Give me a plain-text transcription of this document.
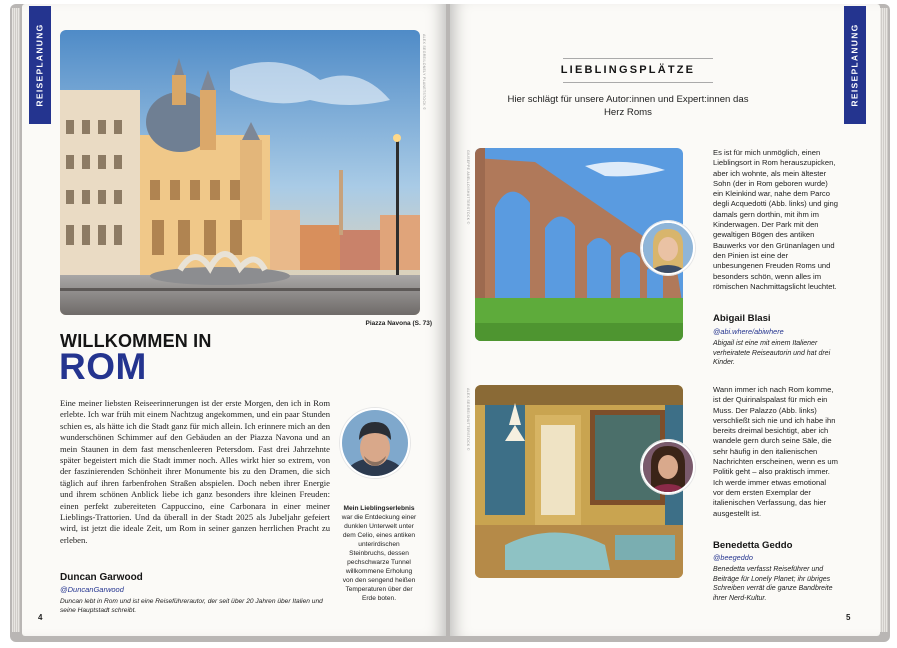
REISEPLANUNG	ALEX SEGRE/LONELY PLANETSTOCK ©
Piazza Navona (S. 73)
WILLKOMMEN IN
ROM
Eine meiner liebsten Reiseerinnerungen ist der erste Morgen, den ich in Rom erlebte. Ich war früh mit einem Nachtzug angekommen, und ein paar Stunden schien es, als hätte ich die Stadt ganz für mich allein. Ich erinnere mich an den wunderschönen Schimmer auf den Gebäuden an der Piazza Navona und an mein Staunen in dem fast menschenleeren Petersdom. Fast drei Jahrzehnte später begeistert mich die Stadt immer noch. Alles wirkt hier so extrem, von der faszinierenden Schönheit ihrer Monumente bis zu den Dramen, die sich täglich auf ihren farbenfrohen Straßen abspielen. Doch neben ihrer Energie und ihrem schönen Anblick liebe ich ganz besonders ihre kleinen Freuden: einen perfekt zubereiteten Cappuccino, eine Carbonara in einer meiner Lieblings-Trattorien. Und da überall in der Stadt 2025 als Jubeljahr gefeiert wird, ist jetzt die ideale Zeit, um Rom in seiner ganzen herrlichen Pracht zu erleben.
Duncan Garwood
@DuncanGarwood
Duncan lebt in Rom und ist eine Reiseführerautor, der seit über 20 Jahren über Italien und seine Hauptstadt schreibt.
Mein Lieblingserlebnis
war die Entdeckung einer dunklen Unterwelt unter dem Celio, eines antiken unterirdischen Steinbruchs, dessen pechschwarze Tunnel willkommene Erholung von den sengend heißen Temperaturen über der Erde boten.
4
REISEPLANUNG
5
LIEBLINGSPLÄTZE
Hier schlägt für unsere Autor:innen und Expert:innen das Herz Roms
GIUSEPPE ANELLO/SHUTTERSTOCK ©	Es ist für mich unmöglich, einen Lieblingsort in Rom herauszupicken, aber ich wohnte, als mein ältester Sohn (der in Rom geboren wurde) ein Kleinkind war, nahe dem Parco degli Acquedotti (Abb. links) und ging damals gern dorthin, mit ihm im Kinderwagen. Der Park mit den gewaltigen Bögen des antiken Bauwerks vor den Grünanlagen und den Pinien ist eine der unbesungenen Freuden Roms und besonders schön, wenn alles im römischen Nachmittagslicht leuchtet.
Abigail Blasi
@abi.where/abiwhere
Abigail ist eine mit einem Italiener verheiratete Reiseautorin und hat drei Kinder.
ALEX SEGRE/SHUTTERSTOCK ©	Wann immer ich nach Rom komme, ist der Quirinalspalast für mich ein Muss. Der Palazzo (Abb. links) verschließt sich nie und ich habe ihn bereits dreimal besichtigt, aber ich wandele gern durch seine Säle, die sehr häufig in den italienischen Nachrichten erscheinen, wenn es um Politik geht – also praktisch immer. Ich werde immer etwas emotional vor dem ersten Exemplar der italienischen Verfassung, das hier ausgestellt ist.
Benedetta Geddo
@beegeddo
Benedetta verfasst Reiseführer und Beiträge für Lonely Planet; ihr übriges Schreiben verrät die ganze Bandbreite ihrer Nerd-Kultur.
